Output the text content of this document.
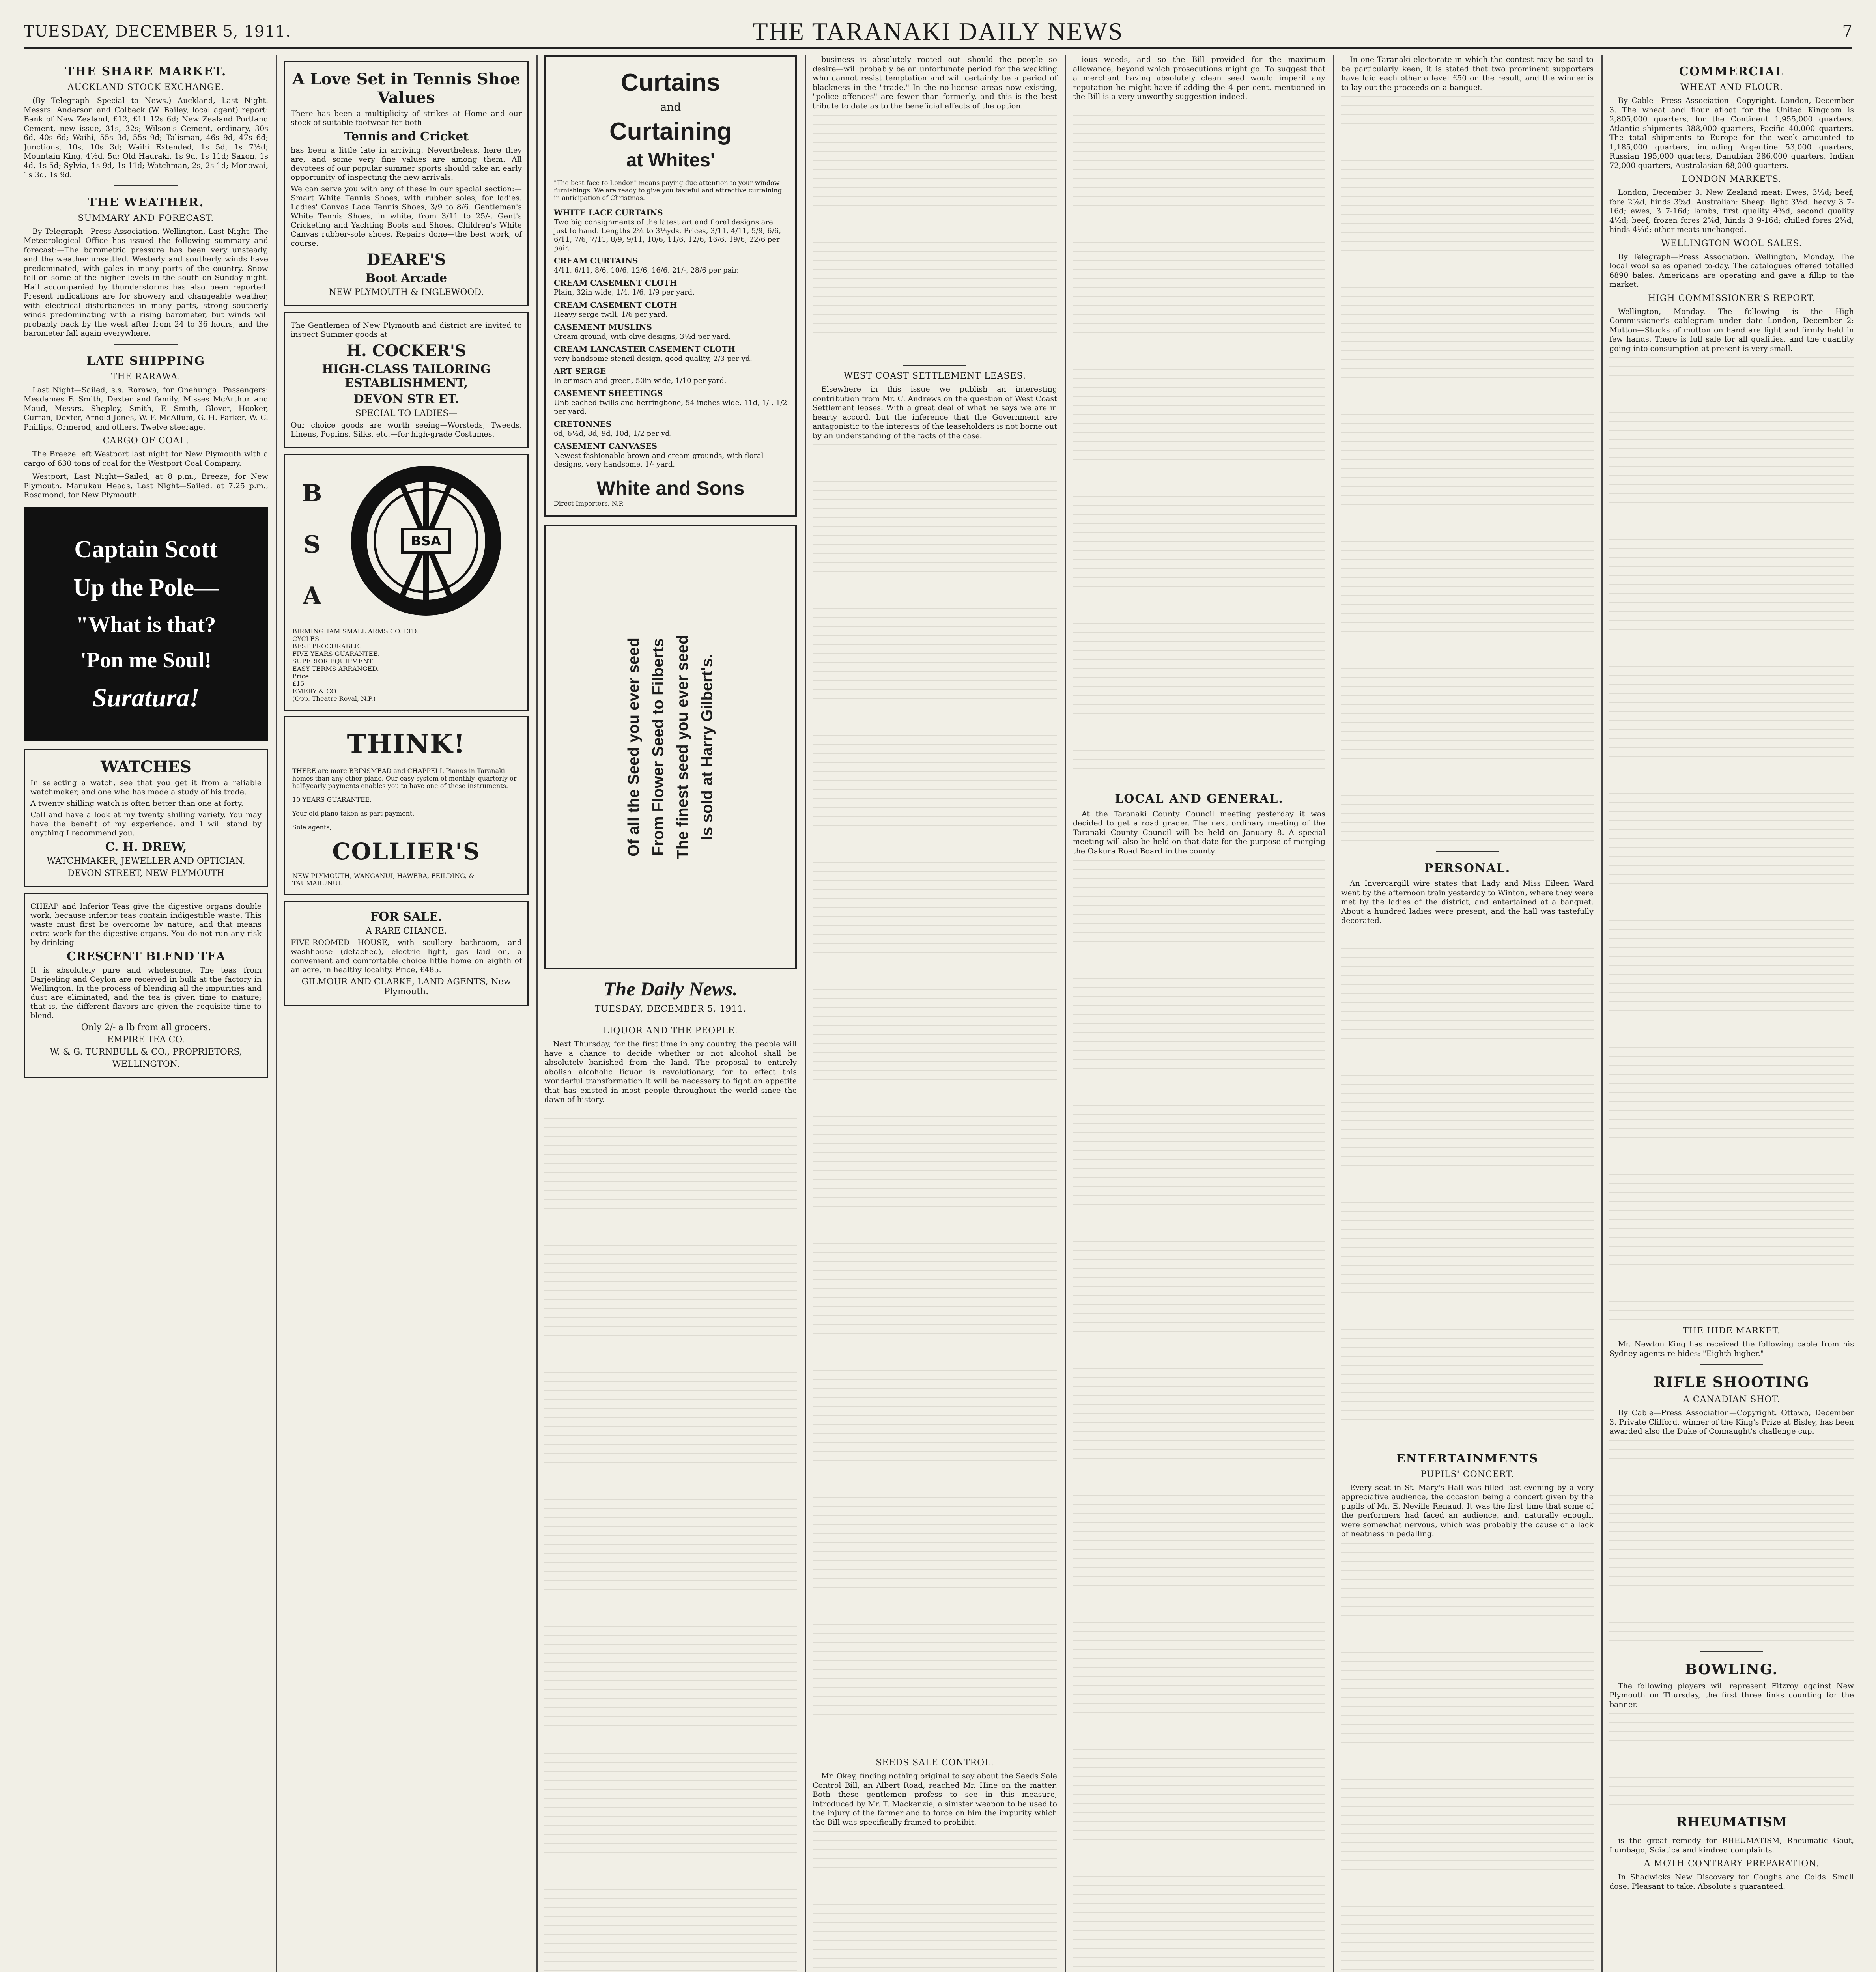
TUESDAY, DECEMBER 5, 1911.	THE TARANAKI DAILY NEWS	7
THE SHARE MARKET.
AUCKLAND STOCK EXCHANGE.

(By Telegraph—Special to News.) Auckland, Last Night. Messrs. Anderson and Colbeck (W. Bailey, local agent) report: Bank of New Zealand, £12, £11 12s 6d; New Zealand Portland Cement, new issue, 31s, 32s; Wilson's Cement, ordinary, 30s 6d, 40s 6d; Waihi, 55s 3d, 55s 9d; Talisman, 46s 9d, 47s 6d; Junctions, 10s, 10s 3d; Waihi Extended, 1s 5d, 1s 7½d; Mountain King, 4½d, 5d; Old Hauraki, 1s 9d, 1s 11d; Saxon, 1s 4d, 1s 5d; Sylvia, 1s 9d, 1s 11d; Watchman, 2s, 2s 1d; Monowai, 1s 3d, 1s 9d.

THE WEATHER.
SUMMARY AND FORECAST.

By Telegraph—Press Association. Wellington, Last Night. The Meteorological Office has issued the following summary and forecast:—The barometric pressure has been very unsteady, and the weather unsettled. Westerly and southerly winds have predominated, with gales in many parts of the country. Snow fell on some of the higher levels in the south on Sunday night. Hail accompanied by thunderstorms has also been reported. Present indications are for showery and changeable weather, with electrical disturbances in many parts, strong southerly winds predominating with a rising barometer, but winds will probably back by the west after from 24 to 36 hours, and the barometer fall again everywhere.

LATE SHIPPING
THE RARAWA.

Last Night—Sailed, s.s. Rarawa, for Onehunga. Passengers: Mesdames F. Smith, Dexter and family, Misses McArthur and Maud, Messrs. Shepley, Smith, F. Smith, Glover, Hooker, Curran, Dexter, Arnold Jones, W. F. McAllum, G. H. Parker, W. C. Phillips, Ormerod, and others. Twelve steerage.

CARGO OF COAL.

The Breeze left Westport last night for New Plymouth with a cargo of 630 tons of coal for the Westport Coal Company.

Westport, Last Night—Sailed, at 8 p.m., Breeze, for New Plymouth. Manukau Heads, Last Night—Sailed, at 7.25 p.m., Rosamond, for New Plymouth.

Captain Scott
Up the Pole—
"What is that?
'Pon me Soul!
Suratura!
WATCHES

In selecting a watch, see that you get it from a reliable watchmaker, and one who has made a study of his trade.

A twenty shilling watch is often better than one at forty.

Call and have a look at my twenty shilling variety. You may have the benefit of my experience, and I will stand by anything I recommend you.

C. H. DREW,
WATCHMAKER, JEWELLER AND OPTICIAN.
DEVON STREET, NEW PLYMOUTH

CHEAP and Inferior Teas give the digestive organs double work, because inferior teas contain indigestible waste. This waste must first be overcome by nature, and that means extra work for the digestive organs. You do not run any risk by drinking

CRESCENT BLEND TEA

It is absolutely pure and wholesome. The teas from Darjeeling and Ceylon are received in bulk at the factory in Wellington. In the process of blending all the impurities and dust are eliminated, and the tea is given time to mature; that is, the different flavors are given the requisite time to blend.

Only 2/- a lb from all grocers.
EMPIRE TEA CO.
W. & G. TURNBULL & CO., PROPRIETORS,
WELLINGTON.
A Love Set in Tennis Shoe Values

There has been a multiplicity of strikes at Home and our stock of suitable footwear for both

Tennis and Cricket

has been a little late in arriving. Nevertheless, here they are, and some very fine values are among them. All devotees of our popular summer sports should take an early opportunity of inspecting the new arrivals.

We can serve you with any of these in our special section:— Smart White Tennis Shoes, with rubber soles, for ladies. Ladies' Canvas Lace Tennis Shoes, 3/9 to 8/6. Gentlemen's White Tennis Shoes, in white, from 3/11 to 25/-. Gent's Cricketing and Yachting Boots and Shoes. Children's White Canvas rubber-sole shoes. Repairs done—the best work, of course.

DEARE'S
Boot Arcade
NEW PLYMOUTH & INGLEWOOD.

The Gentlemen of New Plymouth and district are invited to inspect Summer goods at

H. COCKER'S
HIGH-CLASS TAILORING ESTABLISHMENT,
DEVON STR ET.
SPECIAL TO LADIES—

Our choice goods are worth seeing—Worsteds, Tweeds, Linens, Poplins, Silks, etc.—for high-grade Costumes.

B
S
A
BSA
BIRMINGHAM SMALL ARMS CO. LTD.
CYCLES
BEST PROCURABLE.
FIVE YEARS GUARANTEE.
SUPERIOR EQUIPMENT.
EASY TERMS ARRANGED.
Price
£15
EMERY & CO
(Opp. Theatre Royal, N.P.)
THINK!

THERE are more BRINSMEAD and CHAPPELL Pianos in Taranaki homes than any other piano. Our easy system of monthly, quarterly or half-yearly payments enables you to have one of these instruments.

10 YEARS GUARANTEE.

Your old piano taken as part payment.

Sole agents,
COLLIER'S
NEW PLYMOUTH, WANGANUI, HAWERA, FEILDING, & TAUMARUNUI.
FOR SALE.
A RARE CHANCE.

FIVE-ROOMED HOUSE, with scullery bathroom, and washhouse (detached), electric light, gas laid on, a convenient and comfortable choice little home on eighth of an acre, in healthy locality. Price, £485.

GILMOUR AND CLARKE, LAND AGENTS, New Plymouth.
Curtains
and
Curtaining
at Whites'

"The best face to London" means paying due attention to your window furnishings. We are ready to give you tasteful and attractive curtaining in anticipation of Christmas.

WHITE LACE CURTAINS
Two big consignments of the latest art and floral designs are just to hand. Lengths 2¾ to 3½yds. Prices, 3/11, 4/11, 5/9, 6/6, 6/11, 7/6, 7/11, 8/9, 9/11, 10/6, 11/6, 12/6, 16/6, 19/6, 22/6 per pair.
CREAM CURTAINS
4/11, 6/11, 8/6, 10/6, 12/6, 16/6, 21/-, 28/6 per pair.
CREAM CASEMENT CLOTH
Plain, 32in wide, 1/4, 1/6, 1/9 per yard.
CREAM CASEMENT CLOTH
Heavy serge twill, 1/6 per yard.
CASEMENT MUSLINS
Cream ground, with olive designs, 3½d per yard.
CREAM LANCASTER CASEMENT CLOTH
very handsome stencil design, good quality, 2/3 per yd.
ART SERGE
In crimson and green, 50in wide, 1/10 per yard.
CASEMENT SHEETINGS
Unbleached twills and herringbone, 54 inches wide, 11d, 1/-, 1/2 per yard.
CRETONNES
6d, 6½d, 8d, 9d, 10d, 1/2 per yd.
CASEMENT CANVASES
Newest fashionable brown and cream grounds, with floral designs, very handsome, 1/- yard.
White and Sons
Direct Importers, N.P.
Of all the Seed you ever seed From Flower Seed to Filberts The finest seed you ever seed Is sold at Harry Gilbert's.
The Daily News.
TUESDAY, DECEMBER 5, 1911.
LIQUOR AND THE PEOPLE.

Next Thursday, for the first time in any country, the people will have a chance to decide whether or not alcohol shall be absolutely banished from the land. The proposal to entirely abolish alcoholic liquor is revolutionary, for to effect this wonderful transformation it will be necessary to fight an appetite that has existed in most people throughout the world since the dawn of history.

business is absolutely rooted out—should the people so desire—will probably be an unfortunate period for the weakling who cannot resist temptation and will certainly be a period of blackness in the "trade." In the no-license areas now existing, "police offences" are fewer than formerly, and this is the best tribute to date as to the beneficial effects of the option.

WEST COAST SETTLEMENT LEASES.

Elsewhere in this issue we publish an interesting contribution from Mr. C. Andrews on the question of West Coast Settlement leases. With a great deal of what he says we are in hearty accord, but the inference that the Government are antagonistic to the interests of the leaseholders is not borne out by an understanding of the facts of the case.

SEEDS SALE CONTROL.

Mr. Okey, finding nothing original to say about the Seeds Sale Control Bill, an Albert Road, reached Mr. Hine on the matter. Both these gentlemen profess to see in this measure, introduced by Mr. T. Mackenzie, a sinister weapon to be used to the injury of the farmer and to force on him the impurity which the Bill was specifically framed to prohibit.

ious weeds, and so the Bill provided for the maximum allowance, beyond which prosecutions might go. To suggest that a merchant having absolutely clean seed would imperil any reputation he might have if adding the 4 per cent. mentioned in the Bill is a very unworthy suggestion indeed.

LOCAL AND GENERAL.

At the Taranaki County Council meeting yesterday it was decided to get a road grader. The next ordinary meeting of the Taranaki County Council will be held on January 8. A special meeting will also be held on that date for the purpose of merging the Oakura Road Board in the county.

In one Taranaki electorate in which the contest may be said to be particularly keen, it is stated that two prominent supporters have laid each other a level £50 on the result, and the winner is to lay out the proceeds on a banquet.

PERSONAL.

An Invercargill wire states that Lady and Miss Eileen Ward went by the afternoon train yesterday to Winton, where they were met by the ladies of the district, and entertained at a banquet. About a hundred ladies were present, and the hall was tastefully decorated.

ENTERTAINMENTS
PUPILS' CONCERT.

Every seat in St. Mary's Hall was filled last evening by a very appreciative audience, the occasion being a concert given by the pupils of Mr. E. Neville Renaud. It was the first time that some of the performers had faced an audience, and, naturally enough, were somewhat nervous, which was probably the cause of a lack of neatness in pedalling.

COMMERCIAL
WHEAT AND FLOUR.

By Cable—Press Association—Copyright. London, December 3. The wheat and flour afloat for the United Kingdom is 2,805,000 quarters, for the Continent 1,955,000 quarters. Atlantic shipments 388,000 quarters, Pacific 40,000 quarters. The total shipments to Europe for the week amounted to 1,185,000 quarters, including Argentine 53,000 quarters, Russian 195,000 quarters, Danubian 286,000 quarters, Indian 72,000 quarters, Australasian 68,000 quarters.

LONDON MARKETS.

London, December 3. New Zealand meat: Ewes, 3½d; beef, fore 2⅝d, hinds 3⅝d. Australian: Sheep, light 3½d, heavy 3 7-16d; ewes, 3 7-16d; lambs, first quality 4⅝d, second quality 4½d; beef, frozen fores 2⅝d, hinds 3 9-16d; chilled fores 2¾d, hinds 4¼d; other meats unchanged.

WELLINGTON WOOL SALES.

By Telegraph—Press Association. Wellington, Monday. The local wool sales opened to-day. The catalogues offered totalled 6890 bales. Americans are operating and gave a fillip to the market.

HIGH COMMISSIONER'S REPORT.

Wellington, Monday. The following is the High Commissioner's cablegram under date London, December 2: Mutton—Stocks of mutton on hand are light and firmly held in few hands. There is full sale for all qualities, and the quantity going into consumption at present is very small.

THE HIDE MARKET.

Mr. Newton King has received the following cable from his Sydney agents re hides: "Eighth higher."

RIFLE SHOOTING
A CANADIAN SHOT.

By Cable—Press Association—Copyright. Ottawa, December 3. Private Clifford, winner of the King's Prize at Bisley, has been awarded also the Duke of Connaught's challenge cup.

BOWLING.

The following players will represent Fitzroy against New Plymouth on Thursday, the first three links counting for the banner.

RHEUMATISM

is the great remedy for RHEUMATISM, Rheumatic Gout, Lumbago, Sciatica and kindred complaints.

A MOTH CONTRARY PREPARATION.

In Shadwicks New Discovery for Coughs and Colds. Small dose. Pleasant to take. Absolute's guaranteed.
